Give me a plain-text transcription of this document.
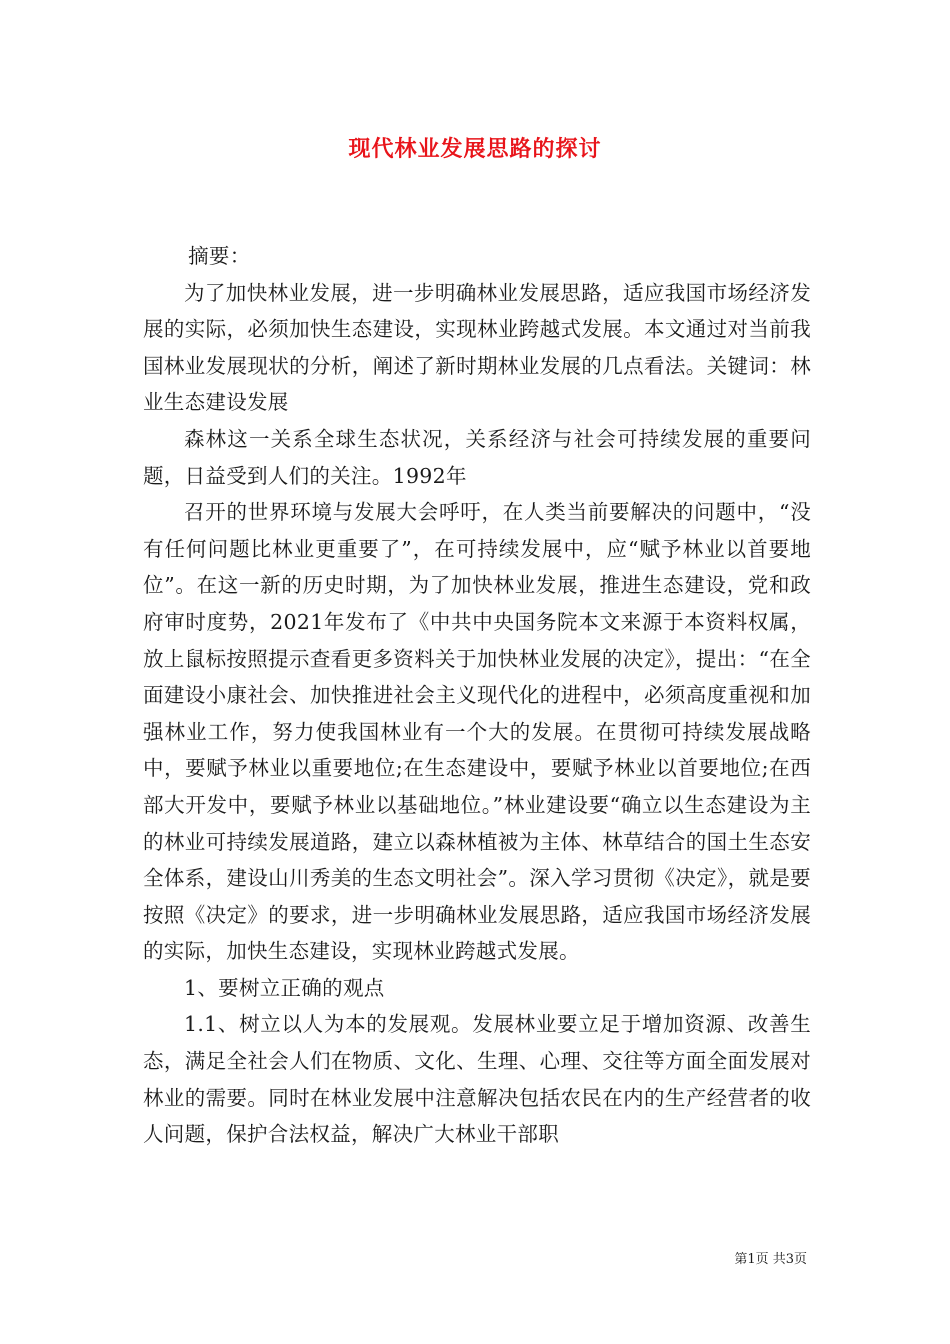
现代林业发展思路的探讨

摘要：

为了加快林业发展，进一步明确林业发展思路，适应我国市场经济发展的实际，必须加快生态建设，实现林业跨越式发展。本文通过对当前我国林业发展现状的分析，阐述了新时期林业发展的几点看法。关键词：林业生态建设发展

森林这一关系全球生态状况，关系经济与社会可持续发展的重要问题，日益受到人们的关注。1992年

召开的世界环境与发展大会呼吁，在人类当前要解决的问题中，“没有任何问题比林业更重要了”，在可持续发展中，应“赋予林业以首要地位”。在这一新的历史时期，为了加快林业发展，推进生态建设，党和政府审时度势，2021年发布了《中共中央国务院本文来源于本资料权属，放上鼠标按照提示查看更多资料关于加快林业发展的决定》，提出：“在全面建设小康社会、加快推进社会主义现代化的进程中，必须高度重视和加强林业工作，努力使我国林业有一个大的发展。在贯彻可持续发展战略中，要赋予林业以重要地位;在生态建设中，要赋予林业以首要地位;在西部大开发中，要赋予林业以基础地位。”林业建设要“确立以生态建设为主的林业可持续发展道路，建立以森林植被为主体、林草结合的国土生态安全体系，建设山川秀美的生态文明社会”。深入学习贯彻《决定》，就是要按照《决定》的要求，进一步明确林业发展思路，适应我国市场经济发展的实际，加快生态建设，实现林业跨越式发展。

1、要树立正确的观点

1.1、树立以人为本的发展观。发展林业要立足于增加资源、改善生态，满足全社会人们在物质、文化、生理、心理、交往等方面全面发展对林业的需要。同时在林业发展中注意解决包括农民在内的生产经营者的收人问题，保护合法权益，解决广大林业干部职

第1页 共3页
